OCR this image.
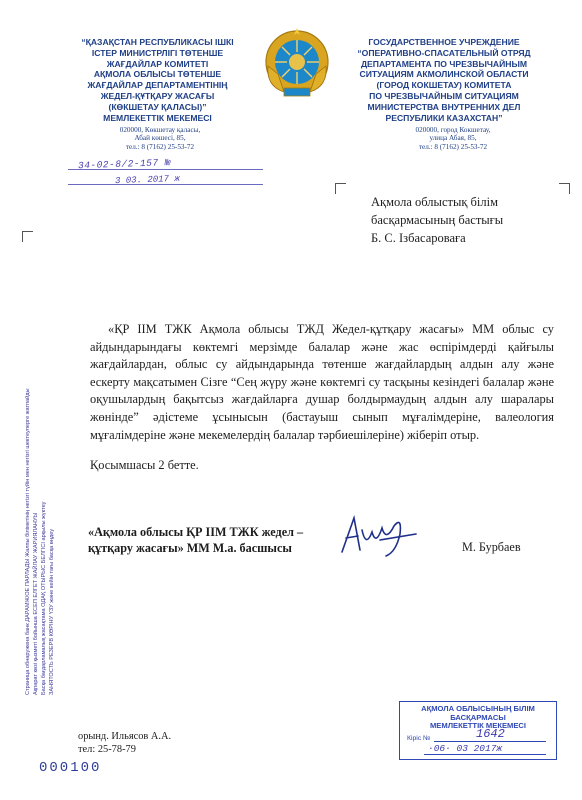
“ҚАЗАҚСТАН РЕСПУБЛИКАСЫ ІШКІ
ІСТЕР МИНИСТРЛІГІ ТӨТЕНШЕ
ЖАҒДАЙЛАР КОМИТЕТІ
АҚМОЛА ОБЛЫСЫ ТӨТЕНШЕ
ЖАҒДАЙЛАР ДЕПАРТАМЕНТІНІҢ
ЖЕДЕЛ-ҚҰТҚАРУ ЖАСАҒЫ
(КӨКШЕТАУ ҚАЛАСЫ)”
МЕМЛЕКЕТТІК МЕКЕМЕСІ
ГОСУДАРСТВЕННОЕ УЧРЕЖДЕНИЕ
“ОПЕРАТИВНО-СПАСАТЕЛЬНЫЙ ОТРЯД
ДЕПАРТАМЕНТА ПО ЧРЕЗВЫЧАЙНЫМ
СИТУАЦИЯМ АКМОЛИНСКОЙ ОБЛАСТИ
(ГОРОД КОКШЕТАУ) КОМИТЕТА
ПО ЧРЕЗВЫЧАЙНЫМ СИТУАЦИЯМ
МИНИСТЕРСТВА ВНУТРЕННИХ ДЕЛ
РЕСПУБЛИКИ КАЗАХСТАН”
020000, Көкшетау қаласы,
Абай көшесі, 85,
тел.: 8 (7162) 25-53-72
020000, город Кокшетау,
улица Абая, 85,
тел.: 8 (7162) 25-53-72
34-02-8/2-157 №
3 03. 2017 ж
Ақмола облыстық білім
басқармасының бастығы
Б. С. Ізбасароваға
«ҚР ІІМ ТЖК Ақмола облысы ТЖД Жедел-құтқару жасағы» ММ облыс су айдындарындағы көктемгі мерзімде балалар және жас өспірімдерді қайғылы жағдайлардан, облыс су айдындарында төтенше жағдайлардың алдын алу және ескерту мақсатымен Сізге “Сең жүру және көктемгі су тасқыны кезіндегі балалар және оқушылардың бақытсыз жағдайларға душар болдырмаудың алдын алу шаралары жөнінде” әдістеме ұсынысын (бастауыш сынып мұғалімдеріне, валеология мұғалімдеріне және мекемелердің балалар тәрбиешілеріне) жіберіп отыр.
Қосымшасы 2 бетте.
«Ақмола облысы ҚР ІІМ ТЖК жедел – құтқару жасағы» ММ М.а. басшысы	М. Бурбаев
Страница обнаружена банк ДАРАМЖ/ОЕ ПАРЛАДЫ Жалпы біліметiнiң негiзгi түйiн мен негiзгi шектеулерге жатпайды Ақпарат көзі қызметі бойынша ЕСЕП ЕЛГЕТ ЖАЙЛАУ ЖАРИЯЛАНУЫ Басқа бағдарламалық жасақтама ОДАҚ ОТЫРЫС БЕЛГІСІ арқылы жүктеу ЗАНЯТОСТЬ РЕЗЕРВ КӨРІНУ ҮЗУ және кейін тағы басқа өңдеу
орынд. Ильясов А.А.
тел: 25-78-79
000100
АҚМОЛА ОБЛЫСЫНЫҢ БІЛІМ
БАСҚАРМАСЫ
МЕМЛЕКЕТТІК МЕКЕМЕСІ
Кіріс №	1642
·06· 03 2017ж
